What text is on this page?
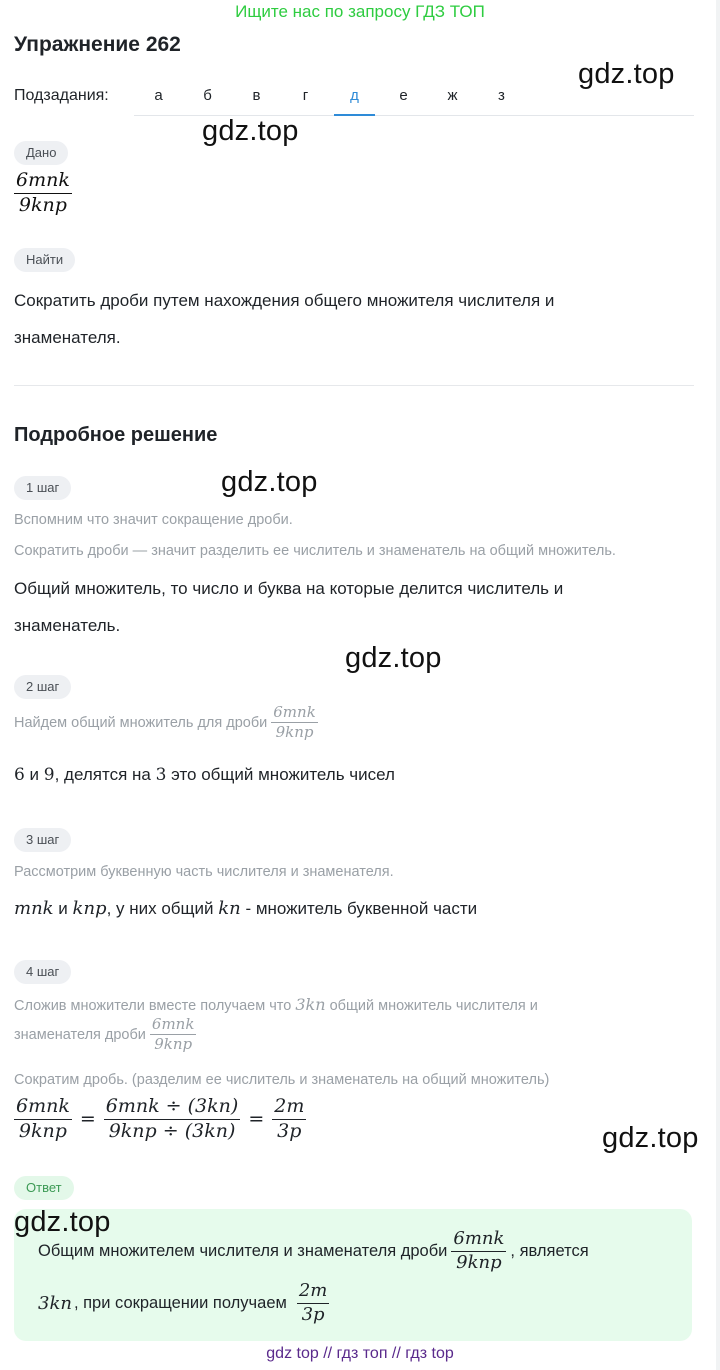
Ищите нас по запросу ГДЗ ТОП
Упражнение 262
Подзадания:	а	б	в	г	д	е	ж	з
gdz.top
gdz.top
gdz.top
gdz.top
gdz.top
gdz.top
Дано
$\frac{\text{6mnk}}{\text{9knp}}$
Найти
Сократить дроби путем нахождения общего множителя числителя и знаменателя.
Подробное решение
1 шаг
Вспомним что значит сокращение дроби.
Сократить дроби — значит разделить ее числитель и знаменатель на общий множитель.
Общий множитель, то число и буква на которые делится числитель и знаменатель.
2 шаг
Найдем общий множитель для дроби $\frac{\text{6mnk}}{\text{9knp}}$
6 и 9, делятся на 3 это общий множитель чисел
3 шаг
Рассмотрим буквенную часть числителя и знаменателя.
mnk и knp, у них общий kn - множитель буквенной части
4 шаг
Сложив множители вместе получаем что 3kn общий множитель числителя и
знаменателя дроби $\frac{\text{6mnk}}{\text{9knp}}$
Сократим дробь. (разделим ее числитель и знаменатель на общий множитель)
$\frac{\text{6mnk}}{\text{9knp}} = \frac{\text{6mnk ÷ (3kn)}}{\text{9knp ÷ (3kn)}} = \frac{2m}{3p}$
Ответ
Общим множителем числителя и знаменателя дроби $\frac{\text{6mnk}}{\text{9knp}}$ , является
3kn , при сокращении получаем $\frac{2m}{3p}$
gdz top // гдз топ // гдз top
